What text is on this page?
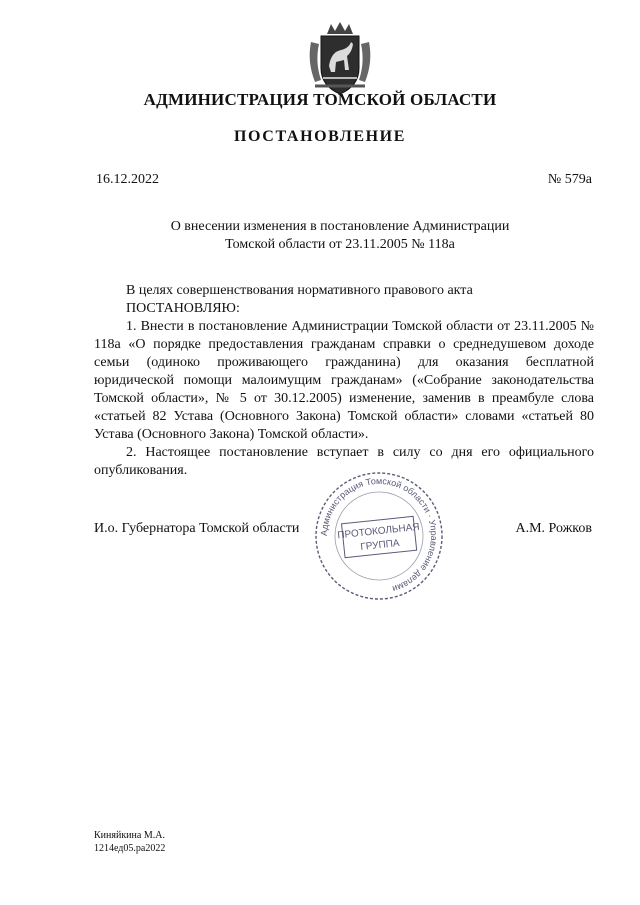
АДМИНИСТРАЦИЯ ТОМСКОЙ ОБЛАСТИ
ПОСТАНОВЛЕНИЕ
16.12.2022	№ 579а
О внесении изменения в постановление Администрации
Томской области от 23.11.2005 № 118а

В целях совершенствования нормативного правового акта

ПОСТАНОВЛЯЮ:

1. Внести в постановление Администрации Томской области от 23.11.2005 № 118а «О порядке предоставления гражданам справки о среднедушевом доходе семьи (одиноко проживающего гражданина) для оказания бесплатной юридической помощи малоимущим гражданам» («Собрание законодательства Томской области», № 5 от 30.12.2005) изменение, заменив в преамбуле слова «статьей 82 Устава (Основного Закона) Томской области» словами «статьей 80 Устава (Основного Закона) Томской области».

2. Настоящее постановление вступает в силу со дня его официального опубликования.

Администрация Томской области · Управление делами
ПРОТОКОЛЬНАЯ
ГРУППА
И.о. Губернатора Томской области	А.М. Рожков
Киняйкина М.А.
1214ед05.ра2022
